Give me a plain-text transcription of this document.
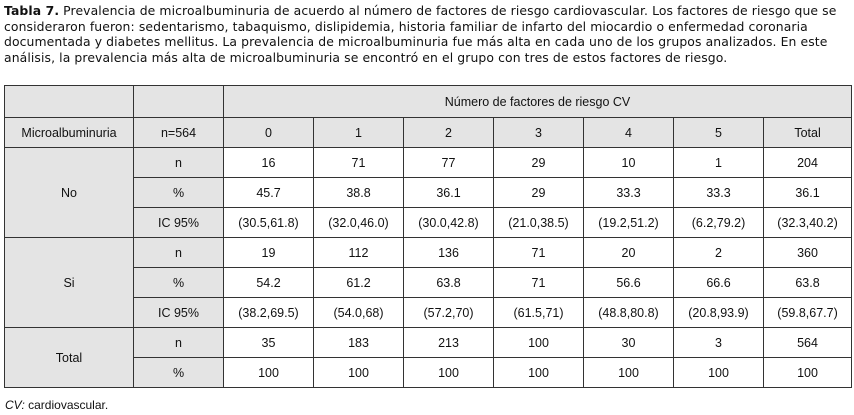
Tabla 7. Prevalencia de microalbuminuria de acuerdo al número de factores de riesgo cardiovascular. Los factores de riesgo que se consideraron fueron: sedentarismo, tabaquismo, dislipidemia, historia familiar de infarto del miocardio o enfermedad coronaria documentada y diabetes mellitus. La prevalencia de microalbuminuria fue más alta en cada uno de los grupos analizados. En este análisis, la prevalencia más alta de microalbuminuria se encontró en el grupo con tres de estos factores de riesgo.
		Número de factores de riesgo CV						
Microalbuminuria	n=564	0	1	2	3	4	5	Total
No	n	16	71	77	29	10	1	204
	%	45.7	38.8	36.1	29	33.3	33.3	36.1
	IC 95%	(30.5,61.8)	(32.0,46.0)	(30.0,42.8)	(21.0,38.5)	(19.2,51.2)	(6.2,79.2)	(32.3,40.2)
Si	n	19	112	136	71	20	2	360
	%	54.2	61.2	63.8	71	56.6	66.6	63.8
	IC 95%	(38.2,69.5)	(54.0,68)	(57.2,70)	(61.5,71)	(48.8,80.8)	(20.8,93.9)	(59.8,67.7)
Total	n	35	183	213	100	30	3	564
	%	100	100	100	100	100	100	100
CV: cardiovascular.
